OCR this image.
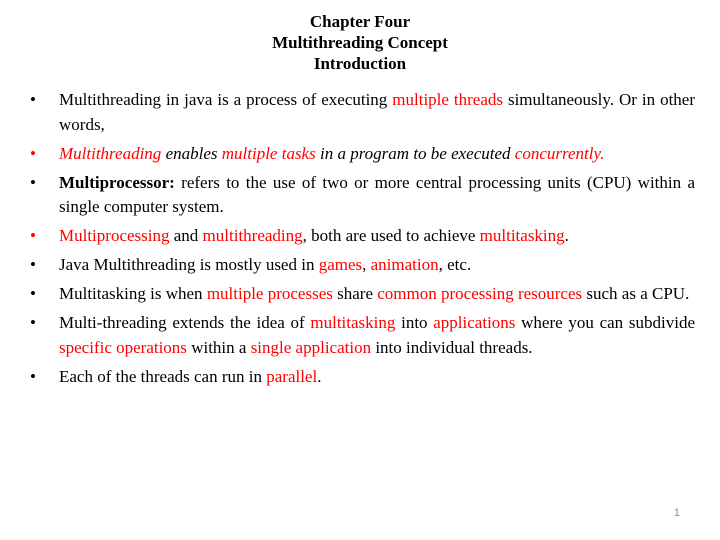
Chapter Four
Multithreading Concept
Introduction
• Multithreading in java is a process of executing multiple threads simultaneously. Or in other words,
• Multithreading enables multiple tasks in a program to be executed concurrently.
• Multiprocessor: refers to the use of two or more central processing units (CPU) within a single computer system.
• Multiprocessing and multithreading, both are used to achieve multitasking.
• Java Multithreading is mostly used in games, animation, etc.
• Multitasking is when multiple processes share common processing resources such as a CPU.
• Multi-threading extends the idea of multitasking into applications where you can subdivide specific operations within a single application into individual threads.
• Each of the threads can run in parallel.
1
